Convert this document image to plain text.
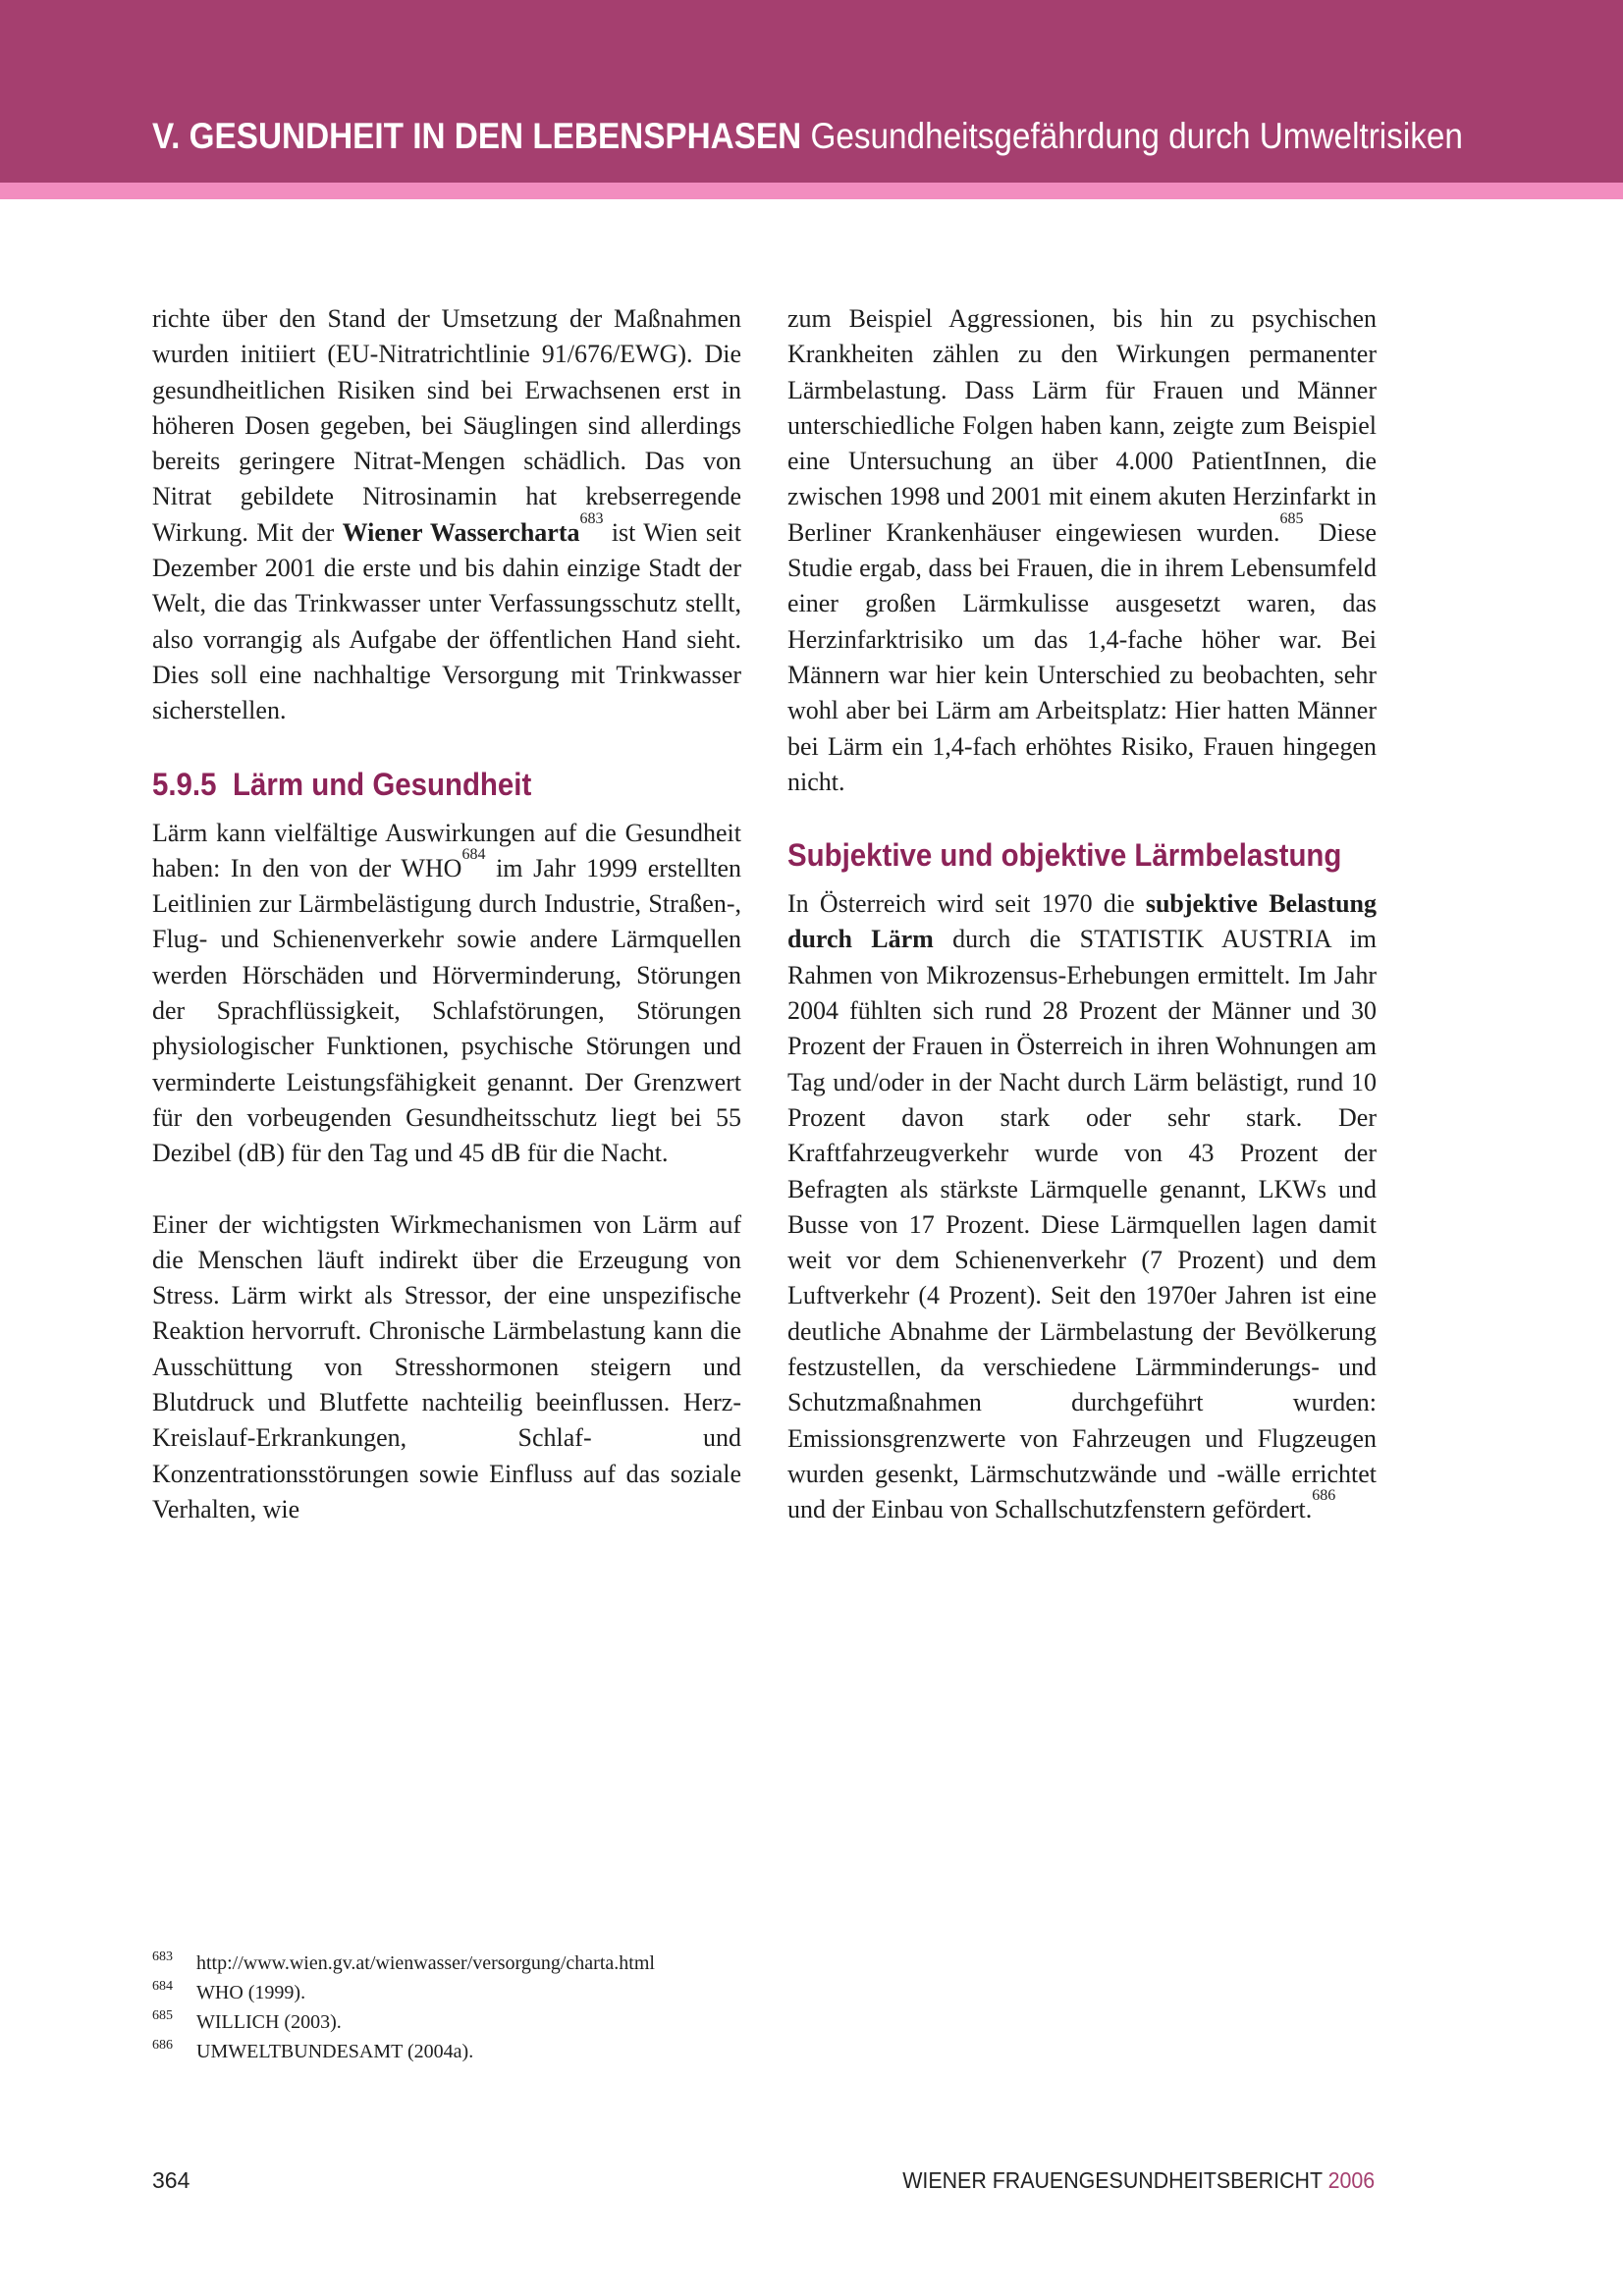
V. GESUNDHEIT IN DEN LEBENSPHASEN Gesundheitsgefährdung durch Umweltrisiken

richte über den Stand der Umsetzung der Maßnahmen wurden initiiert (EU-Nitratrichtlinie 91/676/EWG). Die gesundheitlichen Risiken sind bei Erwachsenen erst in höheren Dosen gegeben, bei Säuglingen sind allerdings bereits geringere Nitrat-Mengen schädlich. Das von Nitrat gebildete Nitrosinamin hat krebserregende Wirkung. Mit der Wiener Wassercharta$^{683}$ ist Wien seit Dezember 2001 die erste und bis dahin einzige Stadt der Welt, die das Trinkwasser unter Verfassungsschutz stellt, also vorrangig als Aufgabe der öffentlichen Hand sieht. Dies soll eine nachhaltige Versorgung mit Trinkwasser sicherstellen.

5.9.5 Lärm und Gesundheit

Lärm kann vielfältige Auswirkungen auf die Gesundheit haben: In den von der WHO$^{684}$ im Jahr 1999 erstellten Leitlinien zur Lärmbelästigung durch Industrie, Straßen-, Flug- und Schienenverkehr sowie andere Lärmquellen werden Hörschäden und Hörverminderung, Störungen der Sprachflüssigkeit, Schlafstörungen, Störungen physiologischer Funktionen, psychische Störungen und verminderte Leistungsfähigkeit genannt. Der Grenzwert für den vorbeugenden Gesundheitsschutz liegt bei 55 Dezibel (dB) für den Tag und 45 dB für die Nacht.

Einer der wichtigsten Wirkmechanismen von Lärm auf die Menschen läuft indirekt über die Erzeugung von Stress. Lärm wirkt als Stressor, der eine unspezifische Reaktion hervorruft. Chronische Lärmbelastung kann die Ausschüttung von Stresshormonen steigern und Blutdruck und Blutfette nachteilig beeinflussen. Herz-Kreislauf-Erkrankungen, Schlaf- und Konzentrationsstörungen sowie Einfluss auf das soziale Verhalten, wie

zum Beispiel Aggressionen, bis hin zu psychischen Krankheiten zählen zu den Wirkungen permanenter Lärmbelastung. Dass Lärm für Frauen und Männer unterschiedliche Folgen haben kann, zeigte zum Beispiel eine Untersuchung an über 4.000 PatientInnen, die zwischen 1998 und 2001 mit einem akuten Herzinfarkt in Berliner Krankenhäuser eingewiesen wurden.$^{685}$ Diese Studie ergab, dass bei Frauen, die in ihrem Lebensumfeld einer großen Lärmkulisse ausgesetzt waren, das Herzinfarktrisiko um das 1,4-fache höher war. Bei Männern war hier kein Unterschied zu beobachten, sehr wohl aber bei Lärm am Arbeitsplatz: Hier hatten Männer bei Lärm ein 1,4-fach erhöhtes Risiko, Frauen hingegen nicht.

Subjektive und objektive Lärmbelastung

In Österreich wird seit 1970 die subjektive Belastung durch Lärm durch die STATISTIK AUSTRIA im Rahmen von Mikrozensus-Erhebungen ermittelt. Im Jahr 2004 fühlten sich rund 28 Prozent der Männer und 30 Prozent der Frauen in Österreich in ihren Wohnungen am Tag und/oder in der Nacht durch Lärm belästigt, rund 10 Prozent davon stark oder sehr stark. Der Kraftfahrzeugverkehr wurde von 43 Prozent der Befragten als stärkste Lärmquelle genannt, LKWs und Busse von 17 Prozent. Diese Lärmquellen lagen damit weit vor dem Schienenverkehr (7 Prozent) und dem Luftverkehr (4 Prozent). Seit den 1970er Jahren ist eine deutliche Abnahme der Lärmbelastung der Bevölkerung festzustellen, da verschiedene Lärmminderungs- und Schutzmaßnahmen durchgeführt wurden: Emissionsgrenzwerte von Fahrzeugen und Flugzeugen wurden gesenkt, Lärmschutzwände und -wälle errichtet und der Einbau von Schallschutzfenstern gefördert.$^{686}$

683	http://www.wien.gv.at/wienwasser/versorgung/charta.html
684	WHO (1999).
685	WILLICH (2003).
686	UMWELTBUNDESAMT (2004a).
364	WIENER FRAUENGESUNDHEITSBERICHT 2006
